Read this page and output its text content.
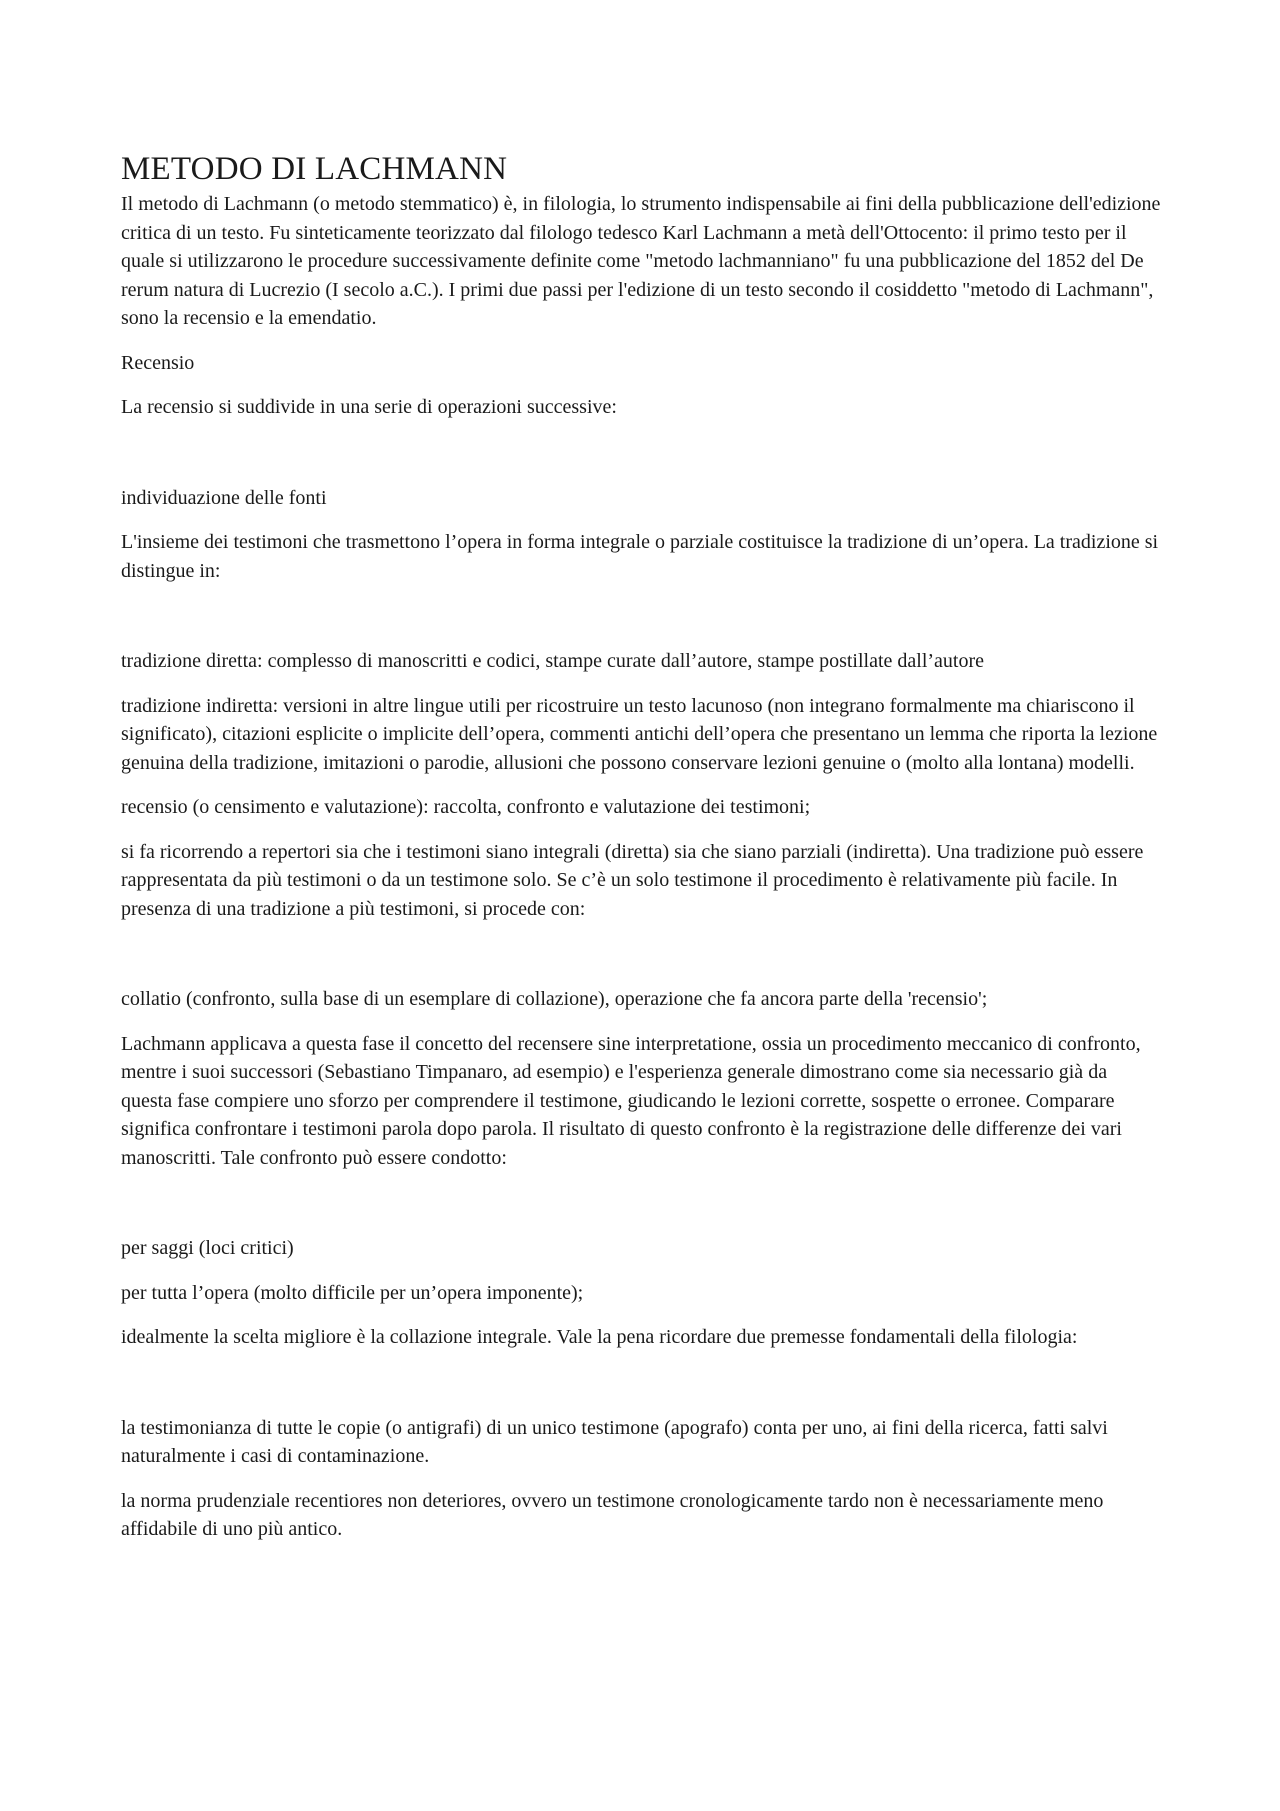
METODO DI LACHMANN

Il metodo di Lachmann (o metodo stemmatico) è, in filologia, lo strumento indispensabile ai fini della pubblicazione dell'edizione critica di un testo. Fu sinteticamente teorizzato dal filologo tedesco Karl Lachmann a metà dell'Ottocento: il primo testo per il quale si utilizzarono le procedure successivamente definite come "metodo lachmanniano" fu una pubblicazione del 1852 del De rerum natura di Lucrezio (I secolo a.C.). I primi due passi per l'edizione di un testo secondo il cosiddetto "metodo di Lachmann", sono la recensio e la emendatio.

Recensio

La recensio si suddivide in una serie di operazioni successive:

individuazione delle fonti

L'insieme dei testimoni che trasmettono l’opera in forma integrale o parziale costituisce la tradizione di un’opera. La tradizione si distingue in:

tradizione diretta: complesso di manoscritti e codici, stampe curate dall’autore, stampe postillate dall’autore

tradizione indiretta: versioni in altre lingue utili per ricostruire un testo lacunoso (non integrano formalmente ma chiariscono il significato), citazioni esplicite o implicite dell’opera, commenti antichi dell’opera che presentano un lemma che riporta la lezione genuina della tradizione, imitazioni o parodie, allusioni che possono conservare lezioni genuine o (molto alla lontana) modelli.

recensio (o censimento e valutazione): raccolta, confronto e valutazione dei testimoni;

si fa ricorrendo a repertori sia che i testimoni siano integrali (diretta) sia che siano parziali (indiretta). Una tradizione può essere rappresentata da più testimoni o da un testimone solo. Se c’è un solo testimone il procedimento è relativamente più facile. In presenza di una tradizione a più testimoni, si procede con:

collatio (confronto, sulla base di un esemplare di collazione), operazione che fa ancora parte della 'recensio';

Lachmann applicava a questa fase il concetto del recensere sine interpretatione, ossia un procedimento meccanico di confronto, mentre i suoi successori (Sebastiano Timpanaro, ad esempio) e l'esperienza generale dimostrano come sia necessario già da questa fase compiere uno sforzo per comprendere il testimone, giudicando le lezioni corrette, sospette o erronee. Comparare significa confrontare i testimoni parola dopo parola. Il risultato di questo confronto è la registrazione delle differenze dei vari manoscritti. Tale confronto può essere condotto:

per saggi (loci critici)

per tutta l’opera (molto difficile per un’opera imponente);

idealmente la scelta migliore è la collazione integrale. Vale la pena ricordare due premesse fondamentali della filologia:

la testimonianza di tutte le copie (o antigrafi) di un unico testimone (apografo) conta per uno, ai fini della ricerca, fatti salvi naturalmente i casi di contaminazione.

la norma prudenziale recentiores non deteriores, ovvero un testimone cronologicamente tardo non è necessariamente meno affidabile di uno più antico.
